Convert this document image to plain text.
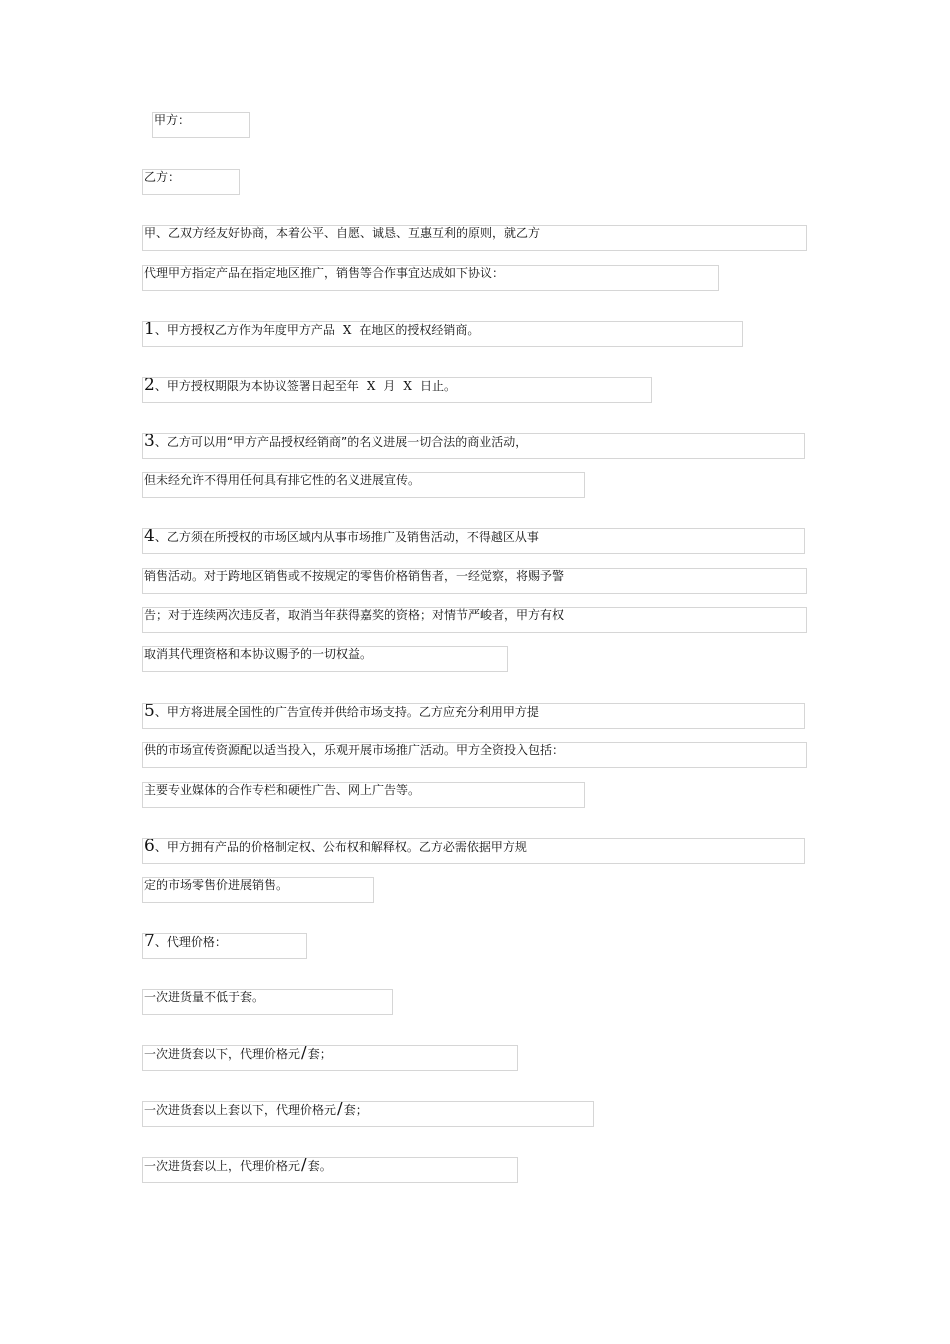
甲方：
乙方：
甲、乙双方经友好协商，本着公平、自愿、诚恳、互惠互利的原则，就乙方
代理甲方指定产品在指定地区推广，销售等合作事宜达成如下协议：
1、甲方授权乙方作为年度甲方产品 X 在地区的授权经销商。
2、甲方授权期限为本协议签署日起至年 X 月 X 日止。
3、乙方可以用“甲方产品授权经销商”的名义进展一切合法的商业活动，
但未经允许不得用任何具有排它性的名义进展宣传。
4、乙方须在所授权的市场区域内从事市场推广及销售活动，不得越区从事
销售活动。对于跨地区销售或不按规定的零售价格销售者，一经觉察，将赐予警
告；对于连续两次违反者，取消当年获得嘉奖的资格；对情节严峻者，甲方有权
取消其代理资格和本协议赐予的一切权益。
5、甲方将进展全国性的广告宣传并供给市场支持。乙方应充分利用甲方提
供的市场宣传资源配以适当投入，乐观开展市场推广活动。甲方全资投入包括：
主要专业媒体的合作专栏和硬性广告、网上广告等。
6、甲方拥有产品的价格制定权、公布权和解释权。乙方必需依据甲方规
定的市场零售价进展销售。
7、代理价格：
一次进货量不低于套。
一次进货套以下，代理价格元/套；
一次进货套以上套以下，代理价格元/套；
一次进货套以上，代理价格元/套。
